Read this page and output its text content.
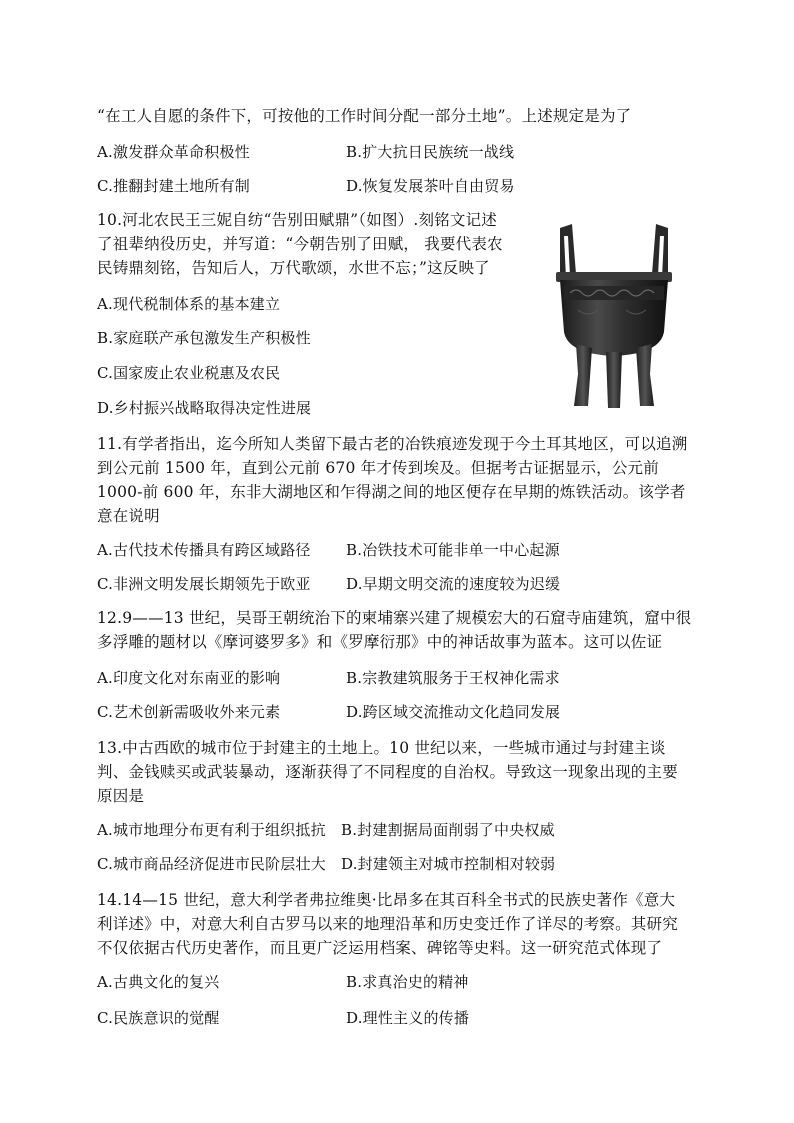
“在工人自愿的条件下，可按他的工作时间分配一部分土地”。上述规定是为了
A.激发群众革命积极性	B.扩大抗日民族统一战线
C.推翻封建土地所有制	D.恢复发展茶叶自由贸易
10.河北农民王三妮自纺“告别田赋鼎”（如图）.刻铭文记述
了祖辈纳役历史，并写道：“今朝告别了田赋， 我要代表农
民铸鼎刻铭，告知后人，万代歌颂，水世不忘；”这反映了
A.现代税制体系的基本建立
B.家庭联产承包激发生产积极性
C.国家废止农业税惠及农民
D.乡村振兴战略取得决定性进展
11.有学者指出，迄今所知人类留下最古老的冶铁痕迹发现于今土耳其地区，可以追溯
到公元前 1500 年，直到公元前 670 年才传到埃及。但据考古证据显示，公元前
1000-前 600 年，东非大湖地区和乍得湖之间的地区便存在早期的炼铁活动。该学者
意在说明
A.古代技术传播具有跨区域路径 B.冶铁技术可能非单一中心起源
C.非洲文明发展长期领先于欧亚 D.早期文明交流的速度较为迟缓
12.9——13 世纪，吴哥王朝统治下的柬埔寨兴建了规模宏大的石窟寺庙建筑，窟中很
多浮雕的题材以《摩诃婆罗多》和《罗摩衍那》中的神话故事为蓝本。这可以佐证
A.印度文化对东南亚的影响	B.宗教建筑服务于王权神化需求
C.艺术创新需吸收外来元素	D.跨区域交流推动文化趋同发展
13.中古西欧的城市位于封建主的土地上。10 世纪以来，一些城市通过与封建主谈
判、金钱赎买或武装暴动，逐渐获得了不同程度的自治权。导致这一现象出现的主要
原因是
A.城市地理分布更有利于组织抵抗 B.封建割据局面削弱了中央权威
C.城市商品经济促进市民阶层壮大 D.封建领主对城市控制相对较弱
14.14—15 世纪，意大利学者弗拉维奥·比昂多在其百科全书式的民族史著作《意大
利详述》中，对意大利自古罗马以来的地理沿革和历史变迁作了详尽的考察。其研究
不仅依据古代历史著作，而且更广泛运用档案、碑铭等史料。这一研究范式体现了
A.古典文化的复兴	B.求真治史的精神
C.民族意识的觉醒	D.理性主义的传播
